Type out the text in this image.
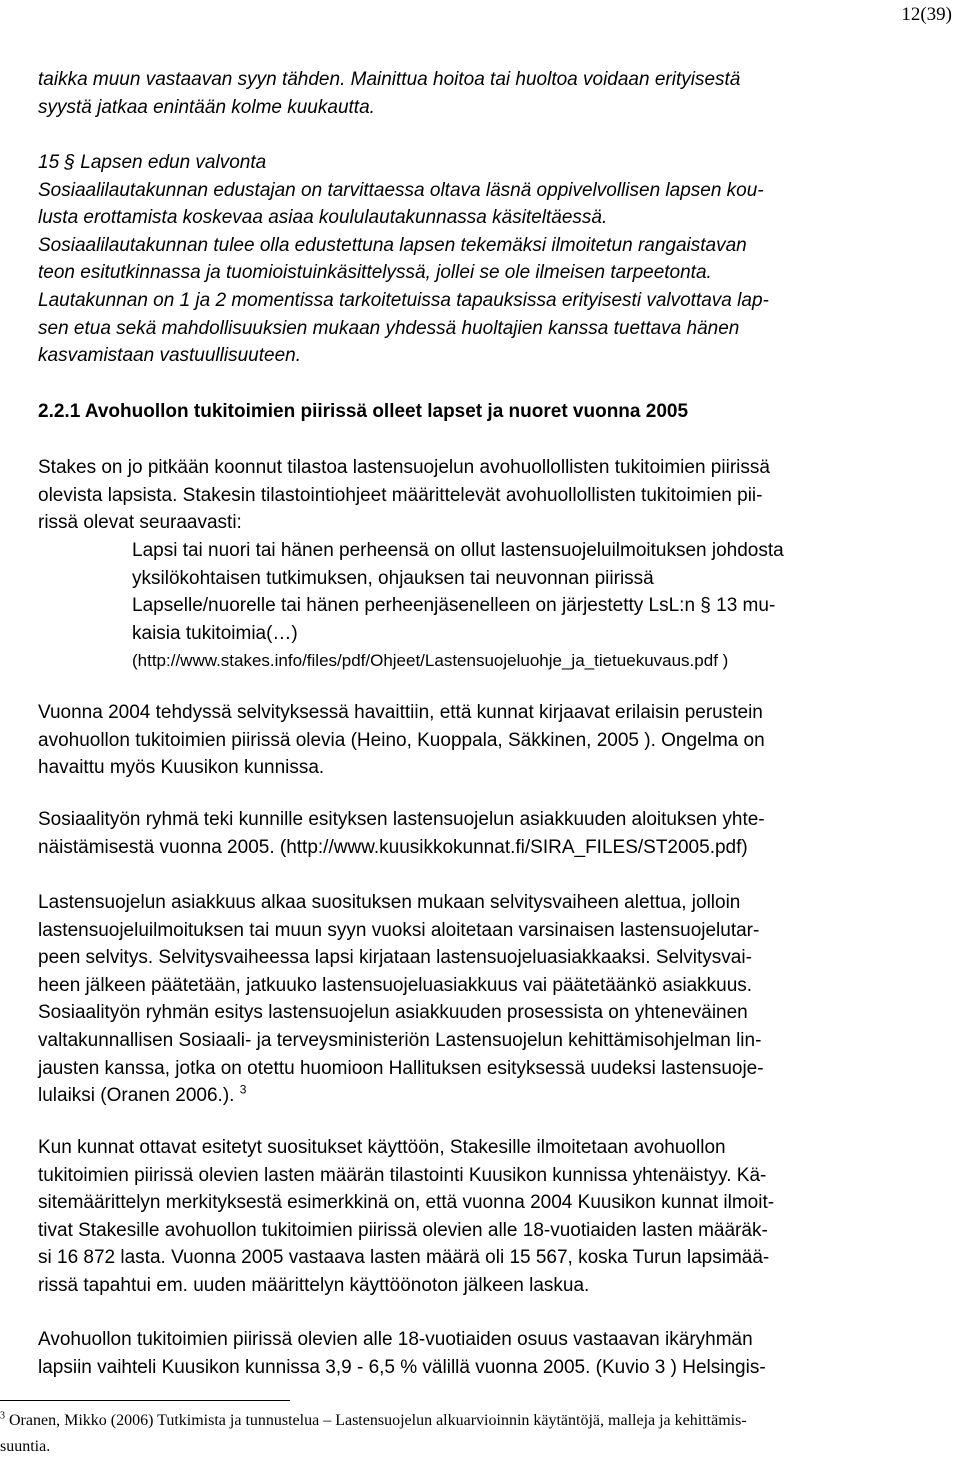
12(39)

taikka muun vastaavan syyn tähden. Mainittua hoitoa tai huoltoa voidaan erityisestä

syystä jatkaa enintään kolme kuukautta.

15 § Lapsen edun valvonta

Sosiaalilautakunnan edustajan on tarvittaessa oltava läsnä oppivelvollisen lapsen kou-

lusta erottamista koskevaa asiaa koululautakunnassa käsiteltäessä.

Sosiaalilautakunnan tulee olla edustettuna lapsen tekemäksi ilmoitetun rangaistavan

teon esitutkinnassa ja tuomioistuinkäsittelyssä, jollei se ole ilmeisen tarpeetonta.

Lautakunnan on 1 ja 2 momentissa tarkoitetuissa tapauksissa erityisesti valvottava lap-

sen etua sekä mahdollisuuksien mukaan yhdessä huoltajien kanssa tuettava hänen

kasvamistaan vastuullisuuteen.

2.2.1 Avohuollon tukitoimien piirissä olleet lapset ja nuoret vuonna 2005

Stakes on jo pitkään koonnut tilastoa lastensuojelun avohuollollisten tukitoimien piirissä

olevista lapsista. Stakesin tilastointiohjeet määrittelevät avohuollollisten tukitoimien pii-

rissä olevat seuraavasti:

Lapsi tai nuori tai hänen perheensä on ollut lastensuojeluilmoituksen johdosta

yksilökohtaisen tutkimuksen, ohjauksen tai neuvonnan piirissä

Lapselle/nuorelle tai hänen perheenjäsenelleen on järjestetty LsL:n § 13 mu-

kaisia tukitoimia(…)

(http://www.stakes.info/files/pdf/Ohjeet/Lastensuojeluohje_ja_tietuekuvaus.pdf )

Vuonna 2004 tehdyssä selvityksessä havaittiin, että kunnat kirjaavat erilaisin perustein

avohuollon tukitoimien piirissä olevia (Heino, Kuoppala, Säkkinen, 2005 ). Ongelma on

havaittu myös Kuusikon kunnissa.

Sosiaalityön ryhmä teki kunnille esityksen lastensuojelun asiakkuuden aloituksen yhte-

näistämisestä vuonna 2005. (http://www.kuusikkokunnat.fi/SIRA_FILES/ST2005.pdf)

Lastensuojelun asiakkuus alkaa suosituksen mukaan selvitysvaiheen alettua, jolloin

lastensuojeluilmoituksen tai muun syyn vuoksi aloitetaan varsinaisen lastensuojelutar-

peen selvitys. Selvitysvaiheessa lapsi kirjataan lastensuojeluasiakkaaksi. Selvitysvai-

heen jälkeen päätetään, jatkuuko lastensuojeluasiakkuus vai päätetäänkö asiakkuus.

Sosiaalityön ryhmän esitys lastensuojelun asiakkuuden prosessista on yhteneväinen

valtakunnallisen Sosiaali- ja terveysministeriön Lastensuojelun kehittämisohjelman lin-

jausten kanssa, jotka on otettu huomioon Hallituksen esityksessä uudeksi lastensuoje-

lulaiksi (Oranen 2006.). $^3$

Kun kunnat ottavat esitetyt suositukset käyttöön, Stakesille ilmoitetaan avohuollon

tukitoimien piirissä olevien lasten määrän tilastointi Kuusikon kunnissa yhtenäistyy. Kä-

sitemäärittelyn merkityksestä esimerkkinä on, että vuonna 2004 Kuusikon kunnat ilmoit-

tivat Stakesille avohuollon tukitoimien piirissä olevien alle 18-vuotiaiden lasten määräk-

si 16 872 lasta. Vuonna 2005 vastaava lasten määrä oli 15 567, koska Turun lapsimää-

rissä tapahtui em. uuden määrittelyn käyttöönoton jälkeen laskua.

Avohuollon tukitoimien piirissä olevien alle 18-vuotiaiden osuus vastaavan ikäryhmän

lapsiin vaihteli Kuusikon kunnissa 3,9 - 6,5 % välillä vuonna 2005. (Kuvio 3 ) Helsingis-

$^3$ Oranen, Mikko (2006) Tutkimista ja tunnustelua – Lastensuojelun alkuarvioinnin käytäntöjä, malleja ja kehittämis-
suuntia.
